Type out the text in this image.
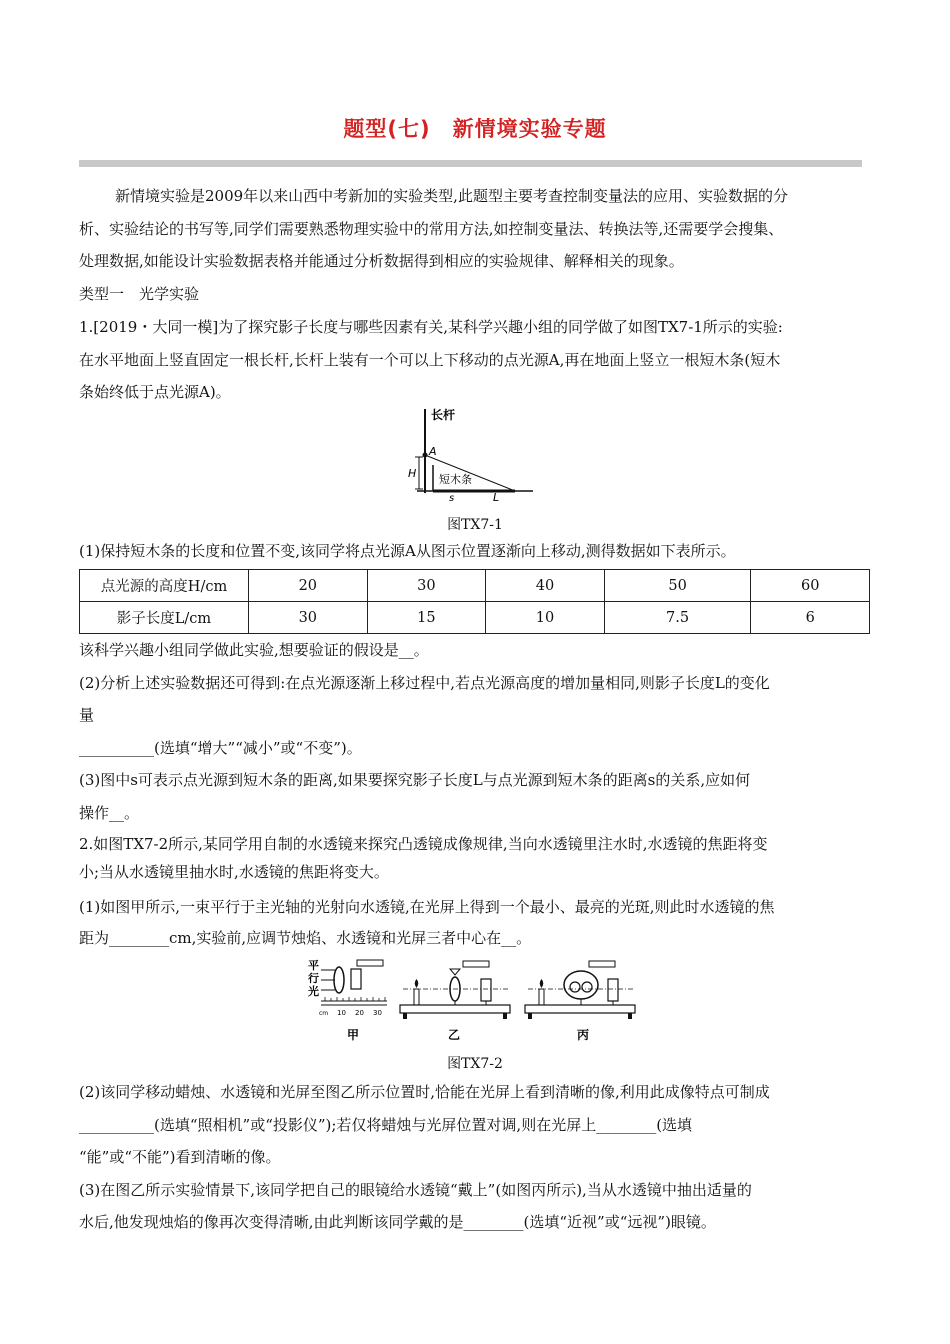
题型(七)　新情境实验专题
新情境实验是2009年以来山西中考新加的实验类型,此题型主要考查控制变量法的应用、实验数据的分
析、实验结论的书写等,同学们需要熟悉物理实验中的常用方法,如控制变量法、转换法等,还需要学会搜集、
处理数据,如能设计实验数据表格并能通过分析数据得到相应的实验规律、解释相关的现象。
类型一　光学实验
1.[2019・大同一模]为了探究影子长度与哪些因素有关,某科学兴趣小组的同学做了如图TX7-1所示的实验:
在水平地面上竖直固定一根长杆,长杆上装有一个可以上下移动的点光源A,再在地面上竖立一根短木条(短木
条始终低于点光源A)。
长杆
A
H 短木条
s	L
图TX7-1
(1)保持短木条的长度和位置不变,该同学将点光源A从图示位置逐渐向上移动,测得数据如下表所示。
点光源的高度H/cm	20	30	40	50	60
影子长度L/cm	30	15	10	7.5	6
该科学兴趣小组同学做此实验,想要验证的假设是__。
(2)分析上述实验数据还可得到:在点光源逐渐上移过程中,若点光源高度的增加量相同,则影子长度L的变化
量
__________(选填“增大”“减小”或“不变”)。
(3)图中s可表示点光源到短木条的距离,如果要探究影子长度L与点光源到短木条的距离s的关系,应如何
操作__。
2.如图TX7-2所示,某同学用自制的水透镜来探究凸透镜成像规律,当向水透镜里注水时,水透镜的焦距将变
小;当从水透镜里抽水时,水透镜的焦距将变大。
(1)如图甲所示,一束平行于主光轴的光射向水透镜,在光屏上得到一个最小、最亮的光斑,则此时水透镜的焦
距为________cm,实验前,应调节烛焰、水透镜和光屏三者中心在__。
平
行
光
cm 10 20 30
甲	乙	丙
图TX7-2
(2)该同学移动蜡烛、水透镜和光屏至图乙所示位置时,恰能在光屏上看到清晰的像,利用此成像特点可制成
__________(选填“照相机”或“投影仪”);若仅将蜡烛与光屏位置对调,则在光屏上________(选填
“能”或“不能”)看到清晰的像。
(3)在图乙所示实验情景下,该同学把自己的眼镜给水透镜“戴上”(如图丙所示),当从水透镜中抽出适量的
水后,他发现烛焰的像再次变得清晰,由此判断该同学戴的是________(选填“近视”或“远视”)眼镜。
